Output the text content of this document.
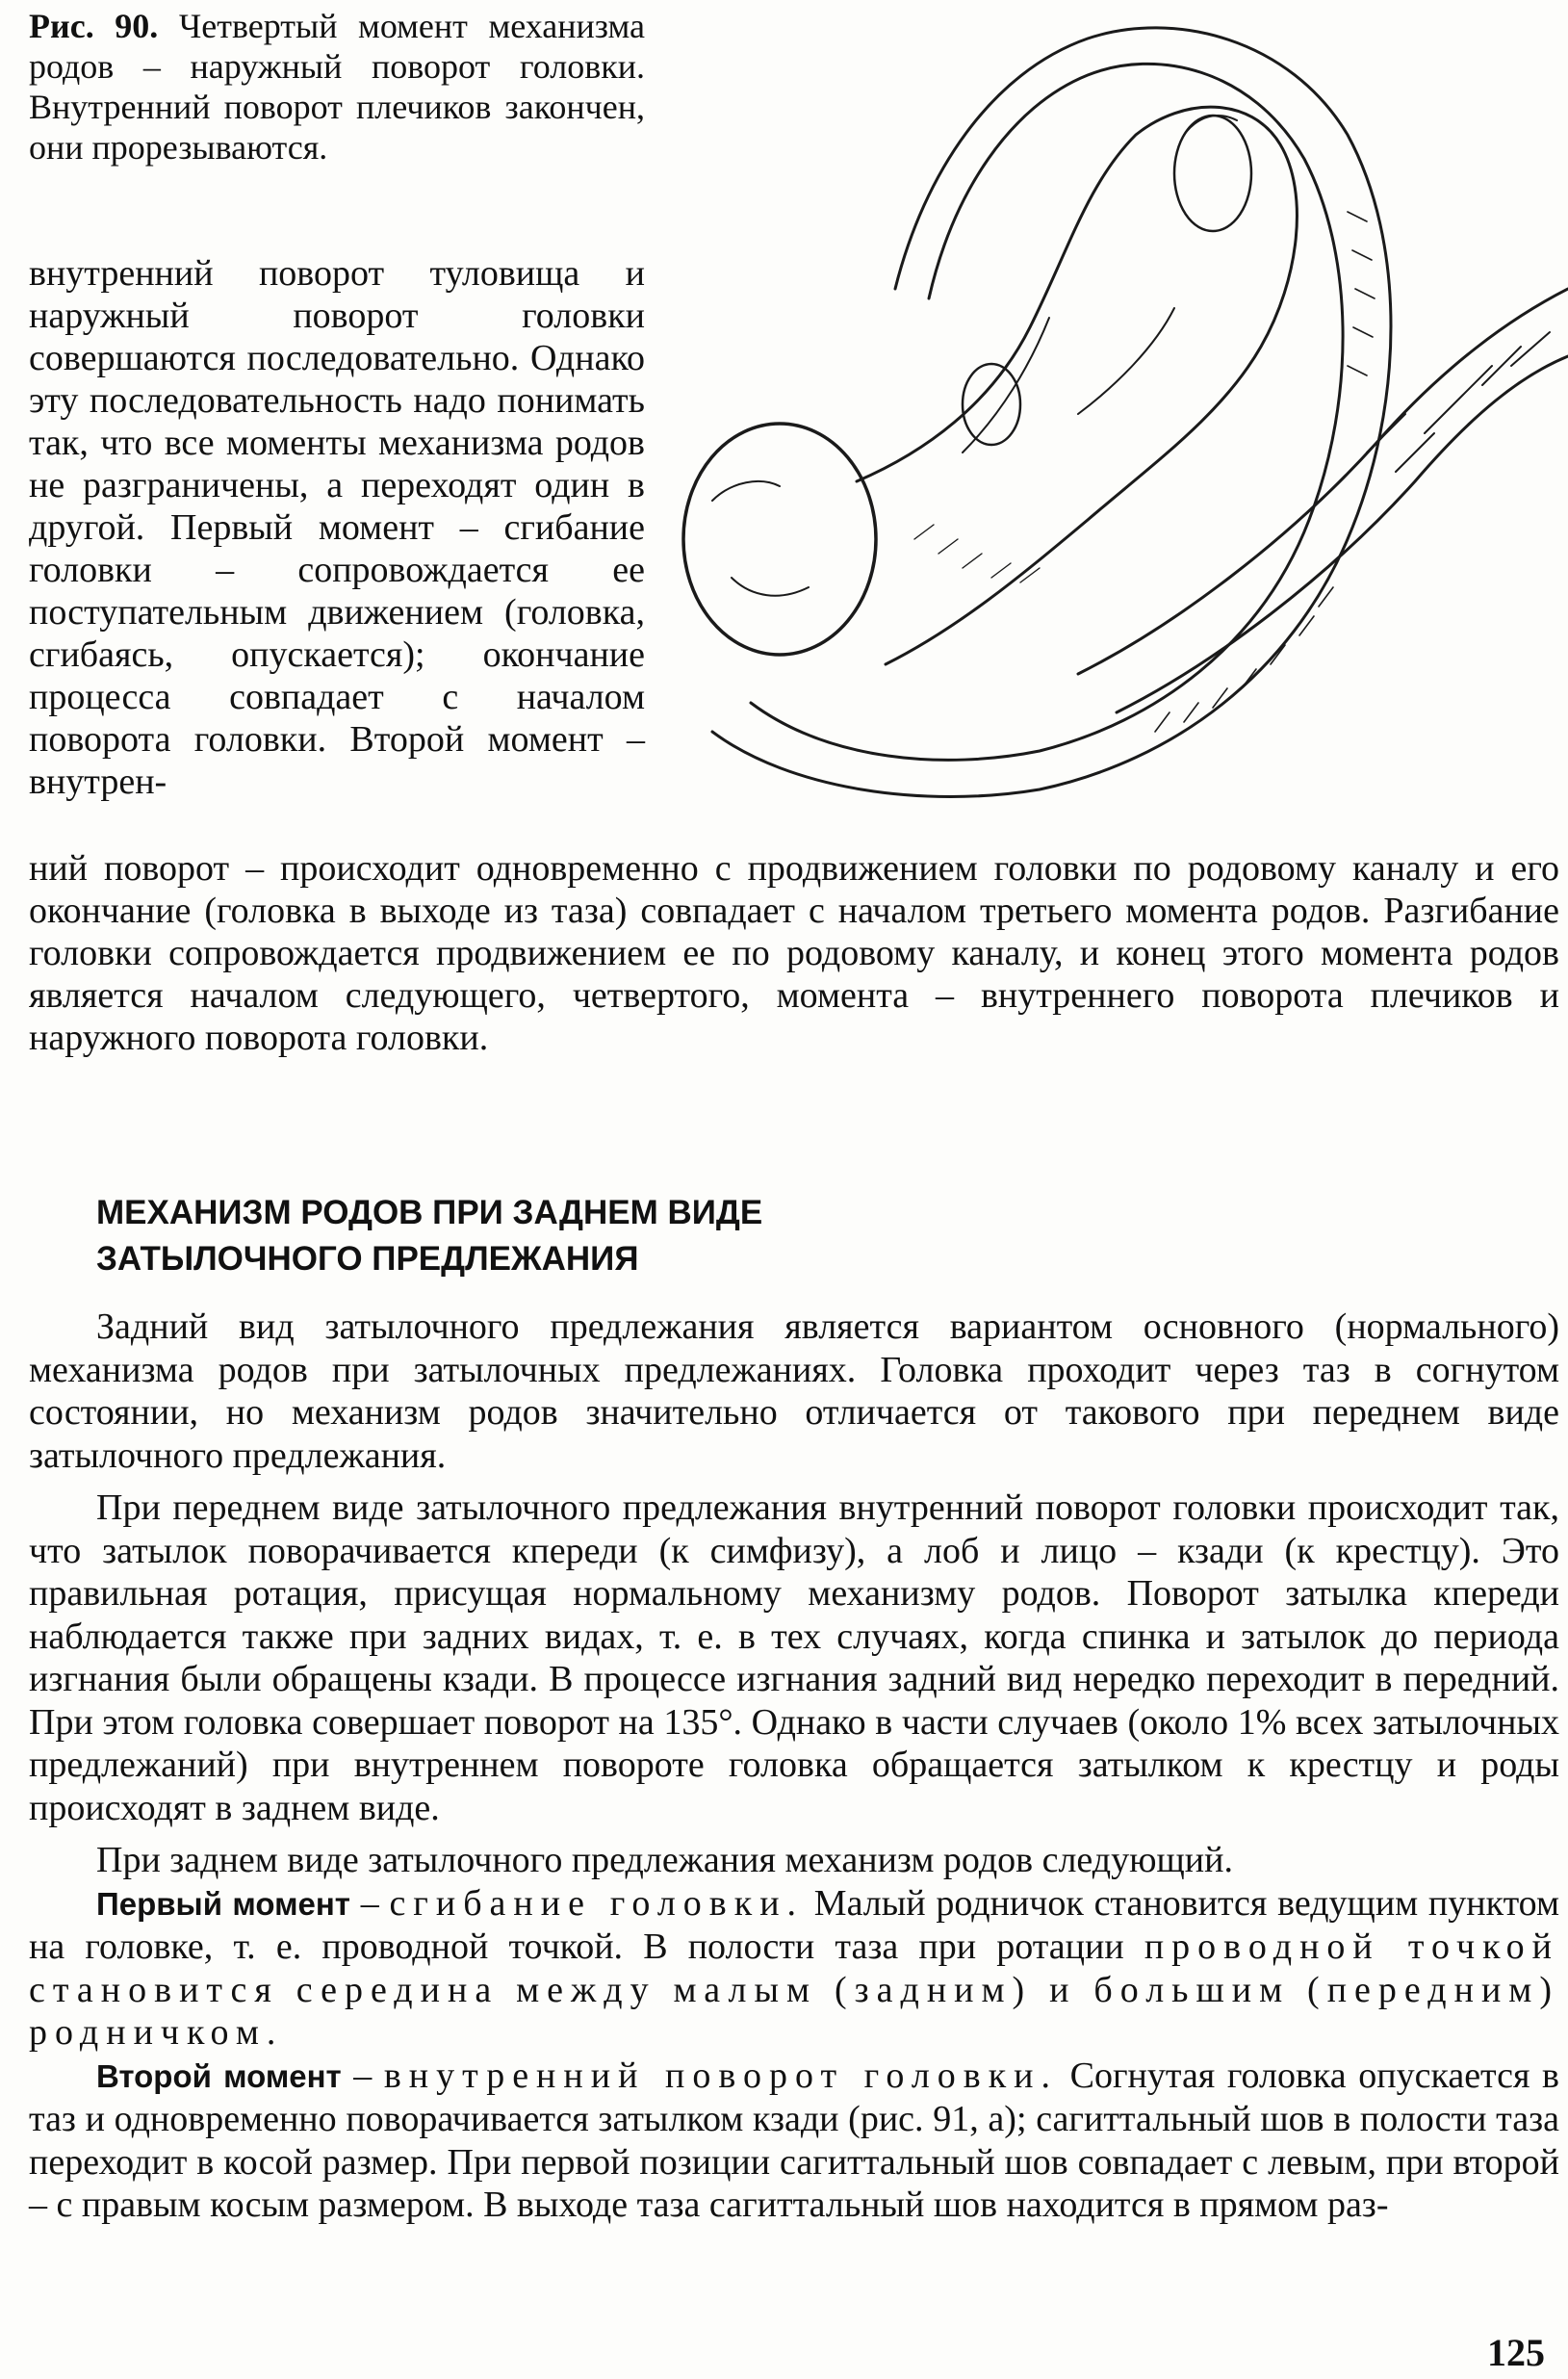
Рис. 90. Четвертый момент механизма родов – наружный поворот головки. Внутренний поворот плечиков закончен, они прорезываются.

внутренний поворот туловища и наружный поворот головки совершаются последовательно. Однако эту последовательность надо понимать так, что все моменты механизма родов не разграничены, а переходят один в другой. Первый момент – сгибание головки – сопровождается ее поступательным движением (головка, сгибаясь, опускается); окончание процесса совпадает с началом поворота головки. Второй момент – внутрен-

ний поворот – происходит одновременно с продвижением головки по родовому каналу и его окончание (головка в выходе из таза) совпадает с началом третьего момента родов. Разгибание головки сопровождается продвижением ее по родовому каналу, и конец этого момента родов является началом следующего, четвертого, момента – внутреннего поворота плечиков и наружного поворота головки.

МЕХАНИЗМ РОДОВ ПРИ ЗАДНЕМ ВИДЕ
ЗАТЫЛОЧНОГО ПРЕДЛЕЖАНИЯ

Задний вид затылочного предлежания является вариантом основного (нормального) механизма родов при затылочных предлежаниях. Головка проходит через таз в согнутом состоянии, но механизм родов значительно отличается от такового при переднем виде затылочного предлежания.

При переднем виде затылочного предлежания внутренний поворот головки происходит так, что затылок поворачивается кпереди (к симфизу), а лоб и лицо – кзади (к крестцу). Это правильная ротация, присущая нормальному механизму родов. Поворот затылка кпереди наблюдается также при задних видах, т. е. в тех случаях, когда спинка и затылок до периода изгнания были обращены кзади. В процессе изгнания задний вид нередко переходит в передний. При этом головка совершает поворот на 135°. Однако в части случаев (около 1% всех затылочных предлежаний) при внутреннем повороте головка обращается затылком к крестцу и роды происходят в заднем виде.

При заднем виде затылочного предлежания механизм родов следующий.

Первый момент – сгибание головки. Малый родничок становится ведущим пунктом на головке, т. е. проводной точкой. В полости таза при ротации проводной точкой становится середина между малым (задним) и большим (передним) родничком.

Второй момент – внутренний поворот головки. Согнутая головка опускается в таз и одновременно поворачивается затылком кзади (рис. 91, а); сагиттальный шов в полости таза переходит в косой размер. При первой позиции сагиттальный шов совпадает с левым, при второй – с правым косым размером. В выходе таза сагиттальный шов находится в прямом раз-

125
